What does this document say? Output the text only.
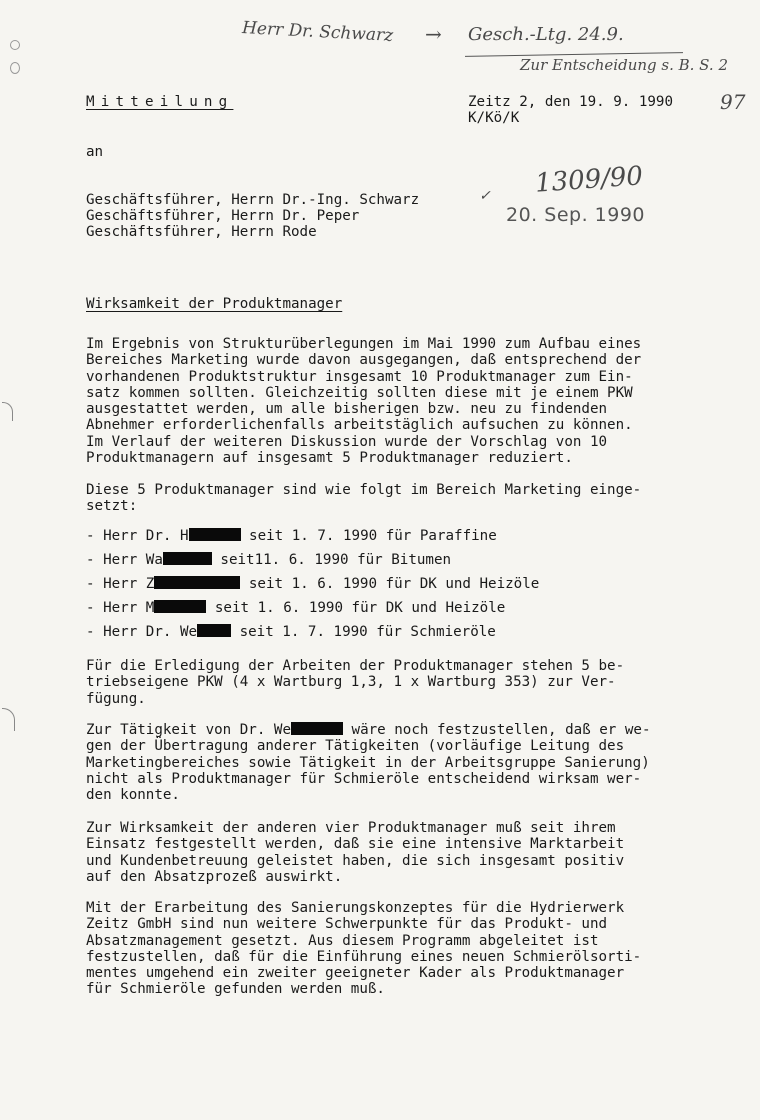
Herr Dr. Schwarz → Gesch.-Ltg. 24.9.
Zur Entscheidung s. B. S. 2
97
✓ 1309/90
20. Sep. 1990
Mitteilung	Zeitz 2, den 19. 9. 1990
K/Kö/K
an
Geschäftsführer, Herrn Dr.-Ing. Schwarz
Geschäftsführer, Herrn Dr. Peper
Geschäftsführer, Herrn Rode
Wirksamkeit der Produktmanager

Im Ergebnis von Strukturüberlegungen im Mai 1990 zum Aufbau eines

Bereiches Marketing wurde davon ausgegangen, daß entsprechend der

vorhandenen Produktstruktur insgesamt 10 Produktmanager zum Ein-

satz kommen sollten. Gleichzeitig sollten diese mit je einem PKW

ausgestattet werden, um alle bisherigen bzw. neu zu findenden

Abnehmer erforderlichenfalls arbeitstäglich aufsuchen zu können.

Im Verlauf der weiteren Diskussion wurde der Vorschlag von 10

Produktmanagern auf insgesamt 5 Produktmanager reduziert.

Diese 5 Produktmanager sind wie folgt im Bereich Marketing einge-

setzt:

- Herr Dr. H	seit 1. 7. 1990 für Paraffine
- Herr Wa	seit11. 6. 1990 für Bitumen
- Herr Z	seit 1. 6. 1990 für DK und Heizöle
- Herr M	seit 1. 6. 1990 für DK und Heizöle
- Herr Dr. We seit 1. 7. 1990 für Schmieröle

Für die Erledigung der Arbeiten der Produktmanager stehen 5 be-

triebseigene PKW (4 x Wartburg 1,3, 1 x Wartburg 353) zur Ver-

fügung.

Zur Tätigkeit von Dr. We	wäre noch festzustellen, daß er we-

gen der Übertragung anderer Tätigkeiten (vorläufige Leitung des

Marketingbereiches sowie Tätigkeit in der Arbeitsgruppe Sanierung)

nicht als Produktmanager für Schmieröle entscheidend wirksam wer-

den konnte.

Zur Wirksamkeit der anderen vier Produktmanager muß seit ihrem

Einsatz festgestellt werden, daß sie eine intensive Marktarbeit

und Kundenbetreuung geleistet haben, die sich insgesamt positiv

auf den Absatzprozeß auswirkt.

Mit der Erarbeitung des Sanierungskonzeptes für die Hydrierwerk

Zeitz GmbH sind nun weitere Schwerpunkte für das Produkt- und

Absatzmanagement gesetzt. Aus diesem Programm abgeleitet ist

festzustellen, daß für die Einführung eines neuen Schmierölsorti-

mentes umgehend ein zweiter geeigneter Kader als Produktmanager

für Schmieröle gefunden werden muß.
